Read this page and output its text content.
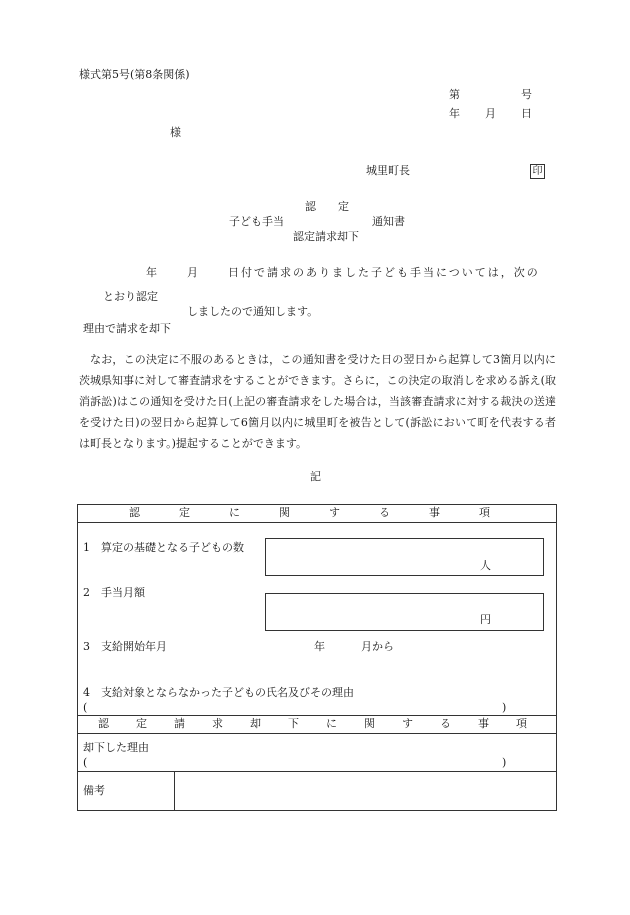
様式第5号(第8条関係)
第	号
年 月 日
様
城里町長	印
認　　定
子ども手当	通知書
認定請求却下
年	月	日付で請求のありました子ども手当については，次の
とおり認定
しましたので通知します。
理由で請求を却下
なお，この決定に不服のあるときは，この通知書を受けた日の翌日から起算して3箇月以内に茨城県知事に対して審査請求をすることができます。さらに，この決定の取消しを求める訴え(取消訴訟)はこの通知を受けた日(上記の審査請求をした場合は，当該審査請求に対する裁決の送達を受けた日)の翌日から起算して6箇月以内に城里町を被告として(訴訟において町を代表する者は町長となります。)提起することができます。
記
認　定　に　関　す　る　事　項
1　算定の基礎となる子どもの数
人
2　手当月額
円
3　支給開始年月	年	月から
4　支給対象とならなかった子どもの氏名及びその理由
(	)
認　定　請　求　却　下　に　関　す　る　事　項
却下した理由
(	)
備考
